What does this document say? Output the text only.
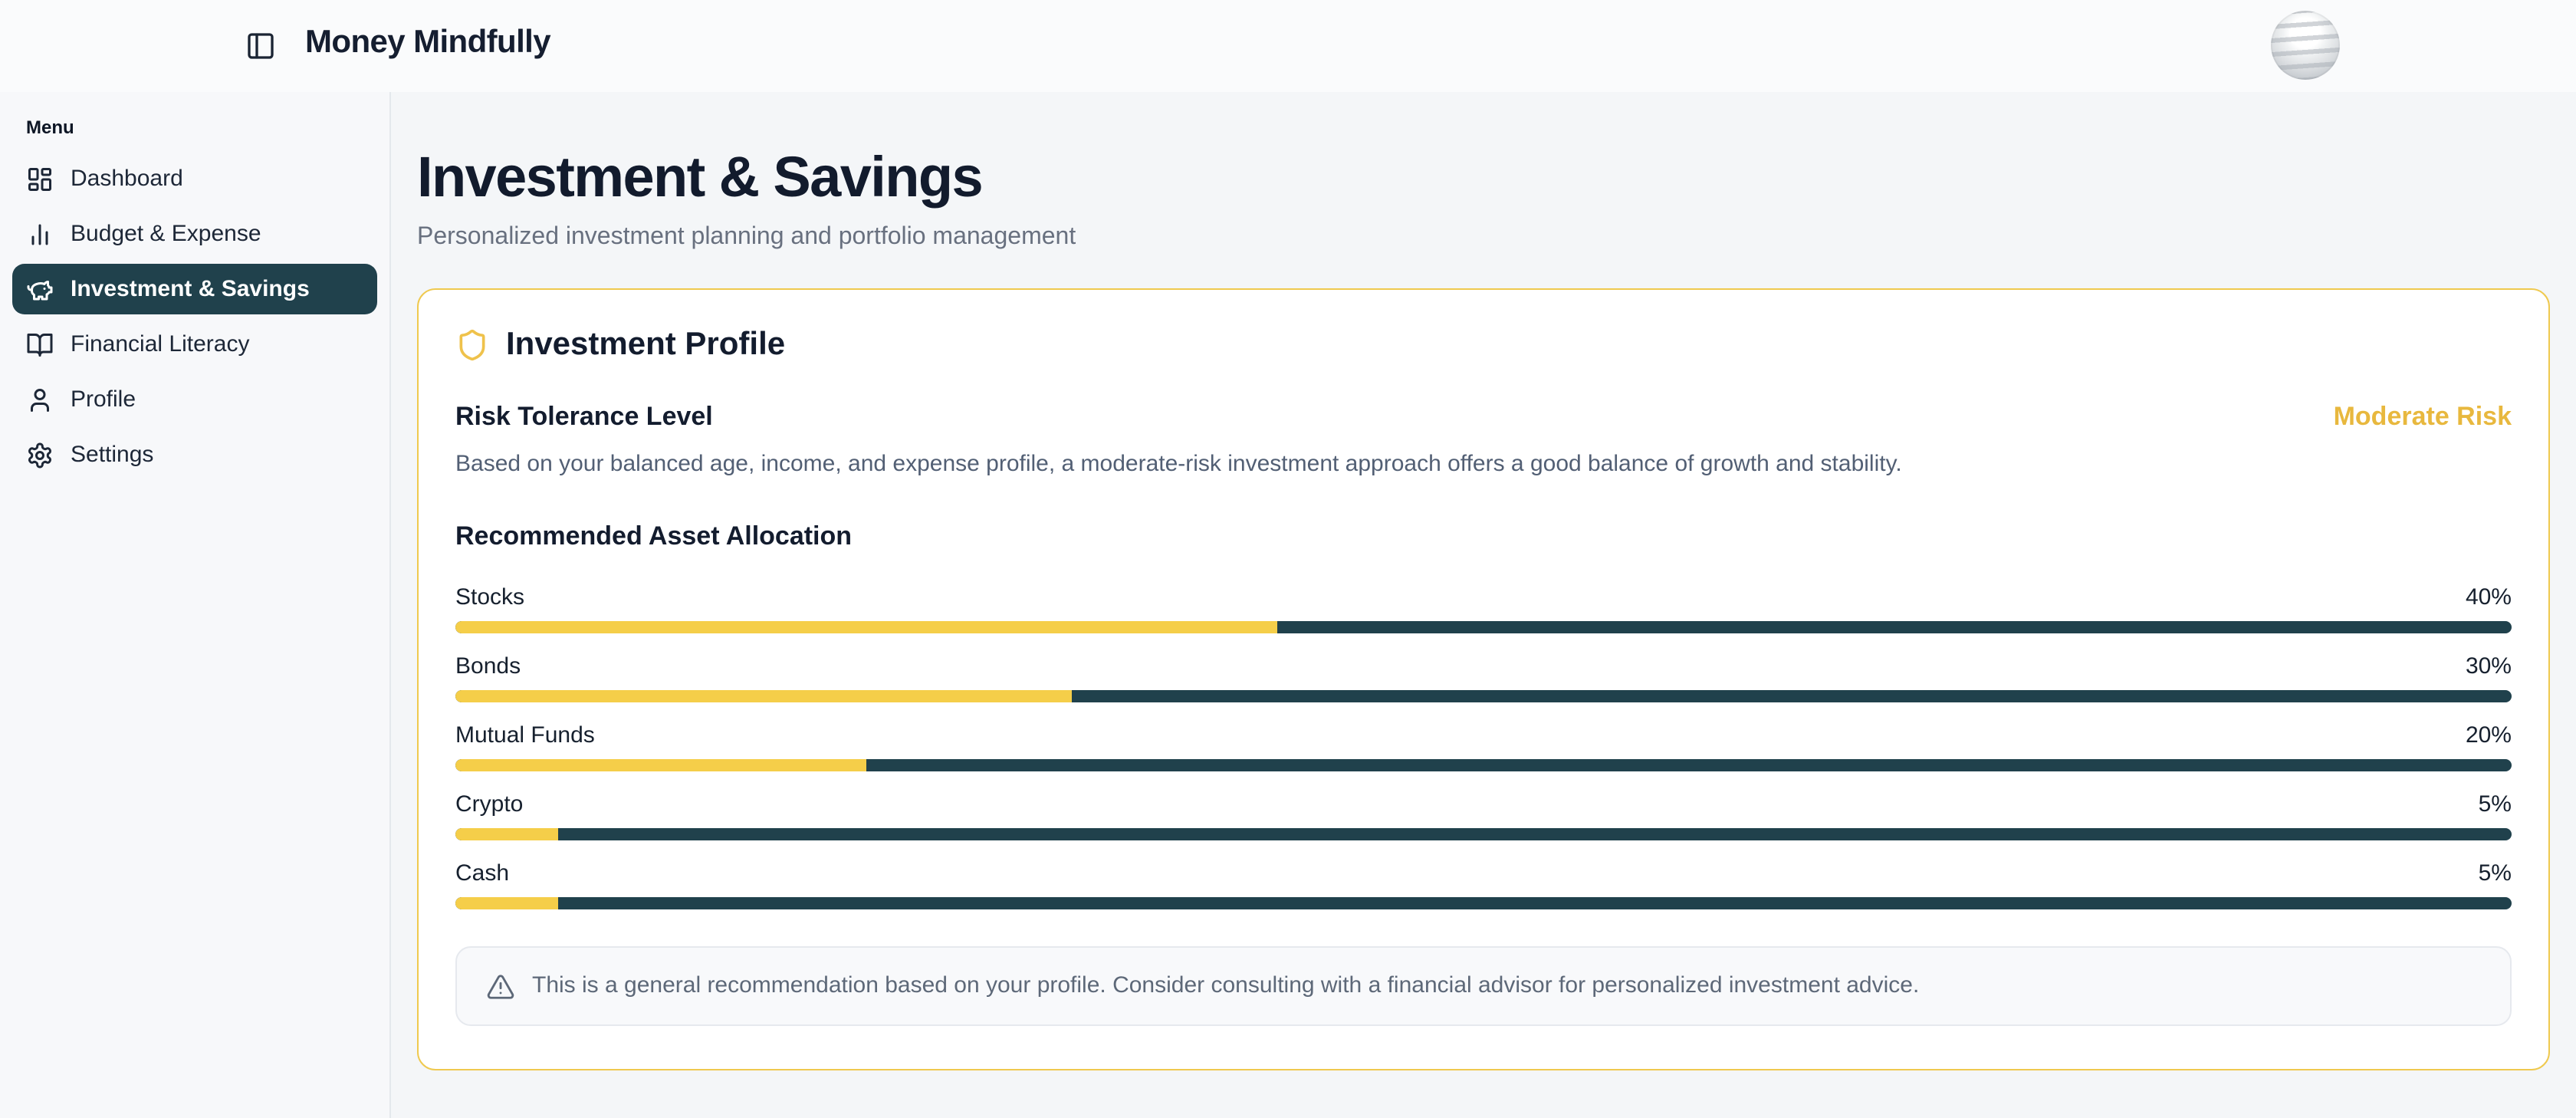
Money Mindfully
Menu
Dashboard
Budget & Expense
Investment & Savings
Financial Literacy
Profile
Settings
Investment & Savings

Personalized investment planning and portfolio management

Investment Profile
Risk Tolerance Level	Moderate Risk

Based on your balanced age, income, and expense profile, a moderate-risk investment approach offers a good balance of growth and stability.

Recommended Asset Allocation
Stocks	40%
Bonds	30%
Mutual Funds	20%
Crypto	5%
Cash	5%
This is a general recommendation based on your profile. Consider consulting with a financial advisor for personalized investment advice.
